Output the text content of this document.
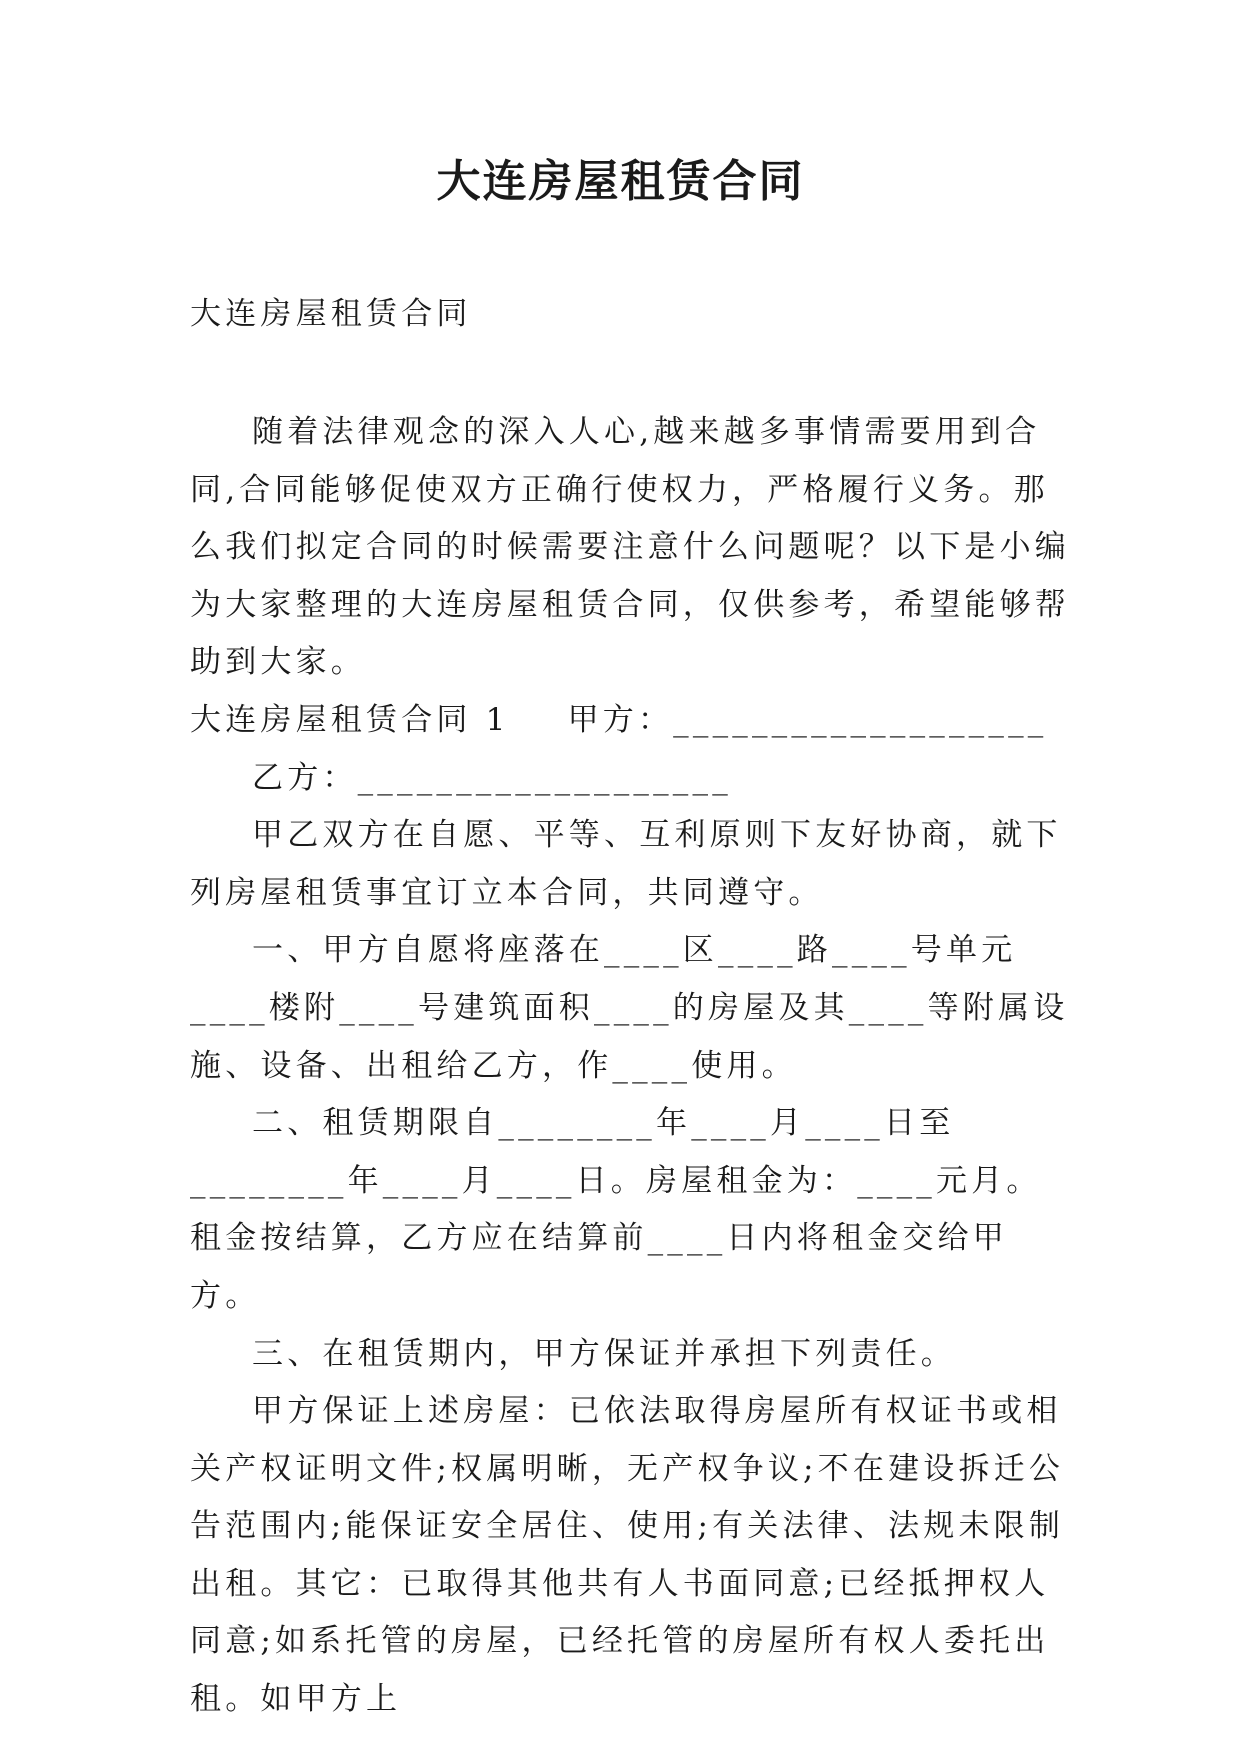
大连房屋租赁合同
大连房屋租赁合同

随着法律观念的深入人心,越来越多事情需要用到合同,合同能够促使双方正确行使权力，严格履行义务。那么我们拟定合同的时候需要注意什么问题呢？以下是小编为大家整理的大连房屋租赁合同，仅供参考，希望能够帮助到大家。

大连房屋租赁合同 1 甲方：___________________

乙方：___________________

甲乙双方在自愿、平等、互利原则下友好协商，就下列房屋租赁事宜订立本合同，共同遵守。

一、甲方自愿将座落在____区____路____号单元____楼附____号建筑面积____的房屋及其____等附属设施、设备、出租给乙方，作____使用。

二、租赁期限自________年____月____日至________年____月____日。房屋租金为：____元月。租金按结算，乙方应在结算前____日内将租金交给甲方。

三、在租赁期内，甲方保证并承担下列责任。

甲方保证上述房屋：已依法取得房屋所有权证书或相关产权证明文件;权属明晰，无产权争议;不在建设拆迁公告范围内;能保证安全居住、使用;有关法律、法规未限制出租。其它：已取得其他共有人书面同意;已经抵押权人同意;如系托管的房屋，已经托管的房屋所有权人委托出租。如甲方上
